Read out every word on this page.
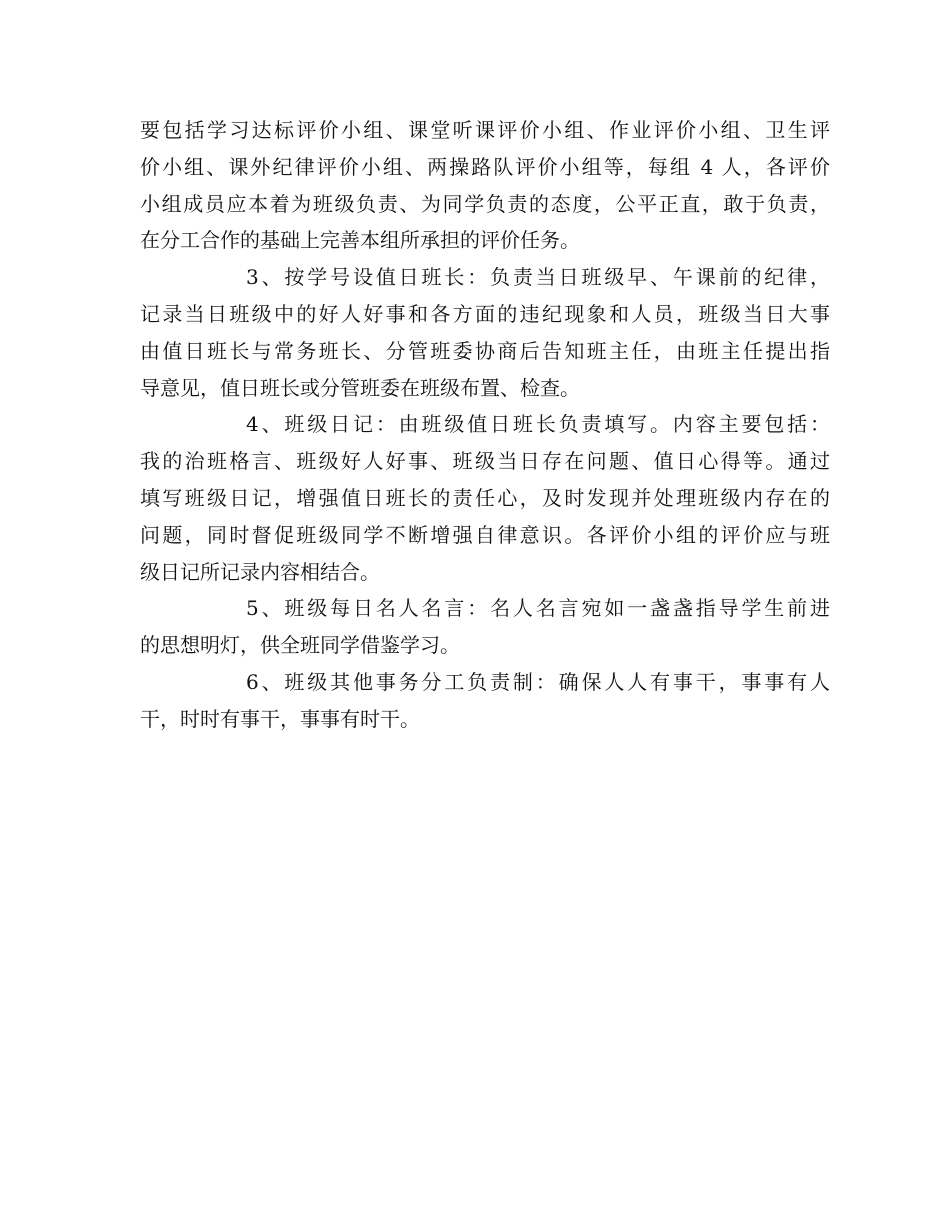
要包括学习达标评价小组、课堂听课评价小组、作业评价小组、卫生评
价小组、课外纪律评价小组、两操路队评价小组等，每组 4 人，各评价
小组成员应本着为班级负责、为同学负责的态度，公平正直，敢于负责，
在分工合作的基础上完善本组所承担的评价任务。
3、按学号设值日班长：负责当日班级早、午课前的纪律，
记录当日班级中的好人好事和各方面的违纪现象和人员，班级当日大事
由值日班长与常务班长、分管班委协商后告知班主任，由班主任提出指
导意见，值日班长或分管班委在班级布置、检查。
4、班级日记：由班级值日班长负责填写。内容主要包括：
我的治班格言、班级好人好事、班级当日存在问题、值日心得等。通过
填写班级日记，增强值日班长的责任心，及时发现并处理班级内存在的
问题，同时督促班级同学不断增强自律意识。各评价小组的评价应与班
级日记所记录内容相结合。
5、班级每日名人名言：名人名言宛如一盏盏指导学生前进
的思想明灯，供全班同学借鉴学习。
6、班级其他事务分工负责制：确保人人有事干，事事有人
干，时时有事干，事事有时干。
